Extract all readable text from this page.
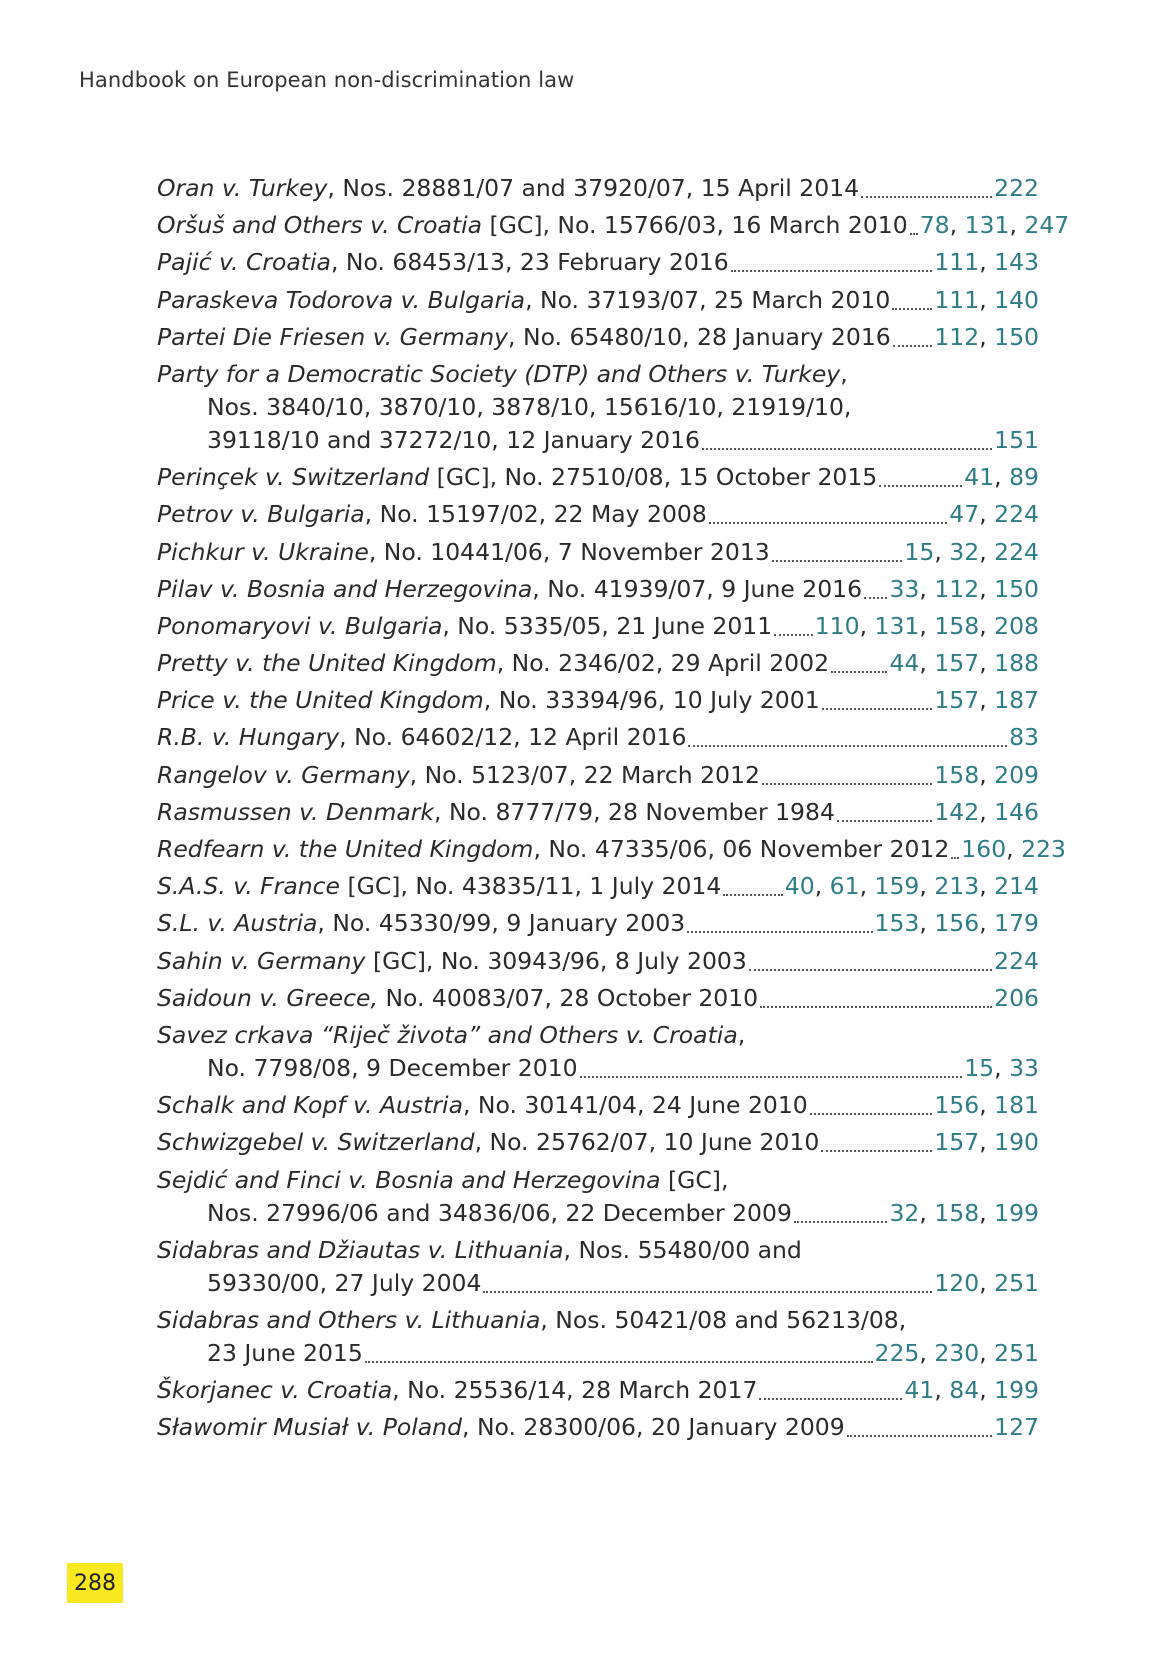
Handbook on European non-discrimination law
Oran v. Turkey, Nos. 28881/07 and 37920/07, 15 April 2014	222
Oršuš and Others v. Croatia [GC], No. 15766/03, 16 March 2010 78, 131, 247
Pajić v. Croatia, No. 68453/13, 23 February 2016	111, 143
Paraskeva Todorova v. Bulgaria, No. 37193/07, 25 March 2010 111, 140
Partei Die Friesen v. Germany, No. 65480/10, 28 January 2016 112, 150
Party for a Democratic Society (DTP) and Others v. Turkey,
Nos. 3840/10, 3870/10, 3878/10, 15616/10, 21919/10,
39118/10 and 37272/10, 12 January 2016	151
Perinçek v. Switzerland [GC], No. 27510/08, 15 October 2015	41, 89
Petrov v. Bulgaria, No. 15197/02, 22 May 2008	47, 224
Pichkur v. Ukraine, No. 10441/06, 7 November 2013	15, 32, 224
Pilav v. Bosnia and Herzegovina, No. 41939/07, 9 June 2016 33, 112, 150
Ponomaryovi v. Bulgaria, No. 5335/05, 21 June 2011 110, 131, 158, 208
Pretty v. the United Kingdom, No. 2346/02, 29 April 2002	44, 157, 188
Price v. the United Kingdom, No. 33394/96, 10 July 2001	157, 187
R.B. v. Hungary, No. 64602/12, 12 April 2016	83
Rangelov v. Germany, No. 5123/07, 22 March 2012	158, 209
Rasmussen v. Denmark, No. 8777/79, 28 November 1984	142, 146
Redfearn v. the United Kingdom, No. 47335/06, 06 November 2012 160, 223
S.A.S. v. France [GC], No. 43835/11, 1 July 2014	40, 61, 159, 213, 214
S.L. v. Austria, No. 45330/99, 9 January 2003	153, 156, 179
Sahin v. Germany [GC], No. 30943/96, 8 July 2003	224
Saidoun v. Greece, No. 40083/07, 28 October 2010	206
Savez crkava “Riječ života” and Others v. Croatia,
No. 7798/08, 9 December 2010	15, 33
Schalk and Kopf v. Austria, No. 30141/04, 24 June 2010	156, 181
Schwizgebel v. Switzerland, No. 25762/07, 10 June 2010	157, 190
Sejdić and Finci v. Bosnia and Herzegovina [GC],
Nos. 27996/06 and 34836/06, 22 December 2009	32, 158, 199
Sidabras and Džiautas v. Lithuania, Nos. 55480/00 and
59330/00, 27 July 2004	120, 251
Sidabras and Others v. Lithuania, Nos. 50421/08 and 56213/08,
23 June 2015	225, 230, 251
Škorjanec v. Croatia, No. 25536/14, 28 March 2017	41, 84, 199
Sławomir Musiał v. Poland, No. 28300/06, 20 January 2009	127
288
